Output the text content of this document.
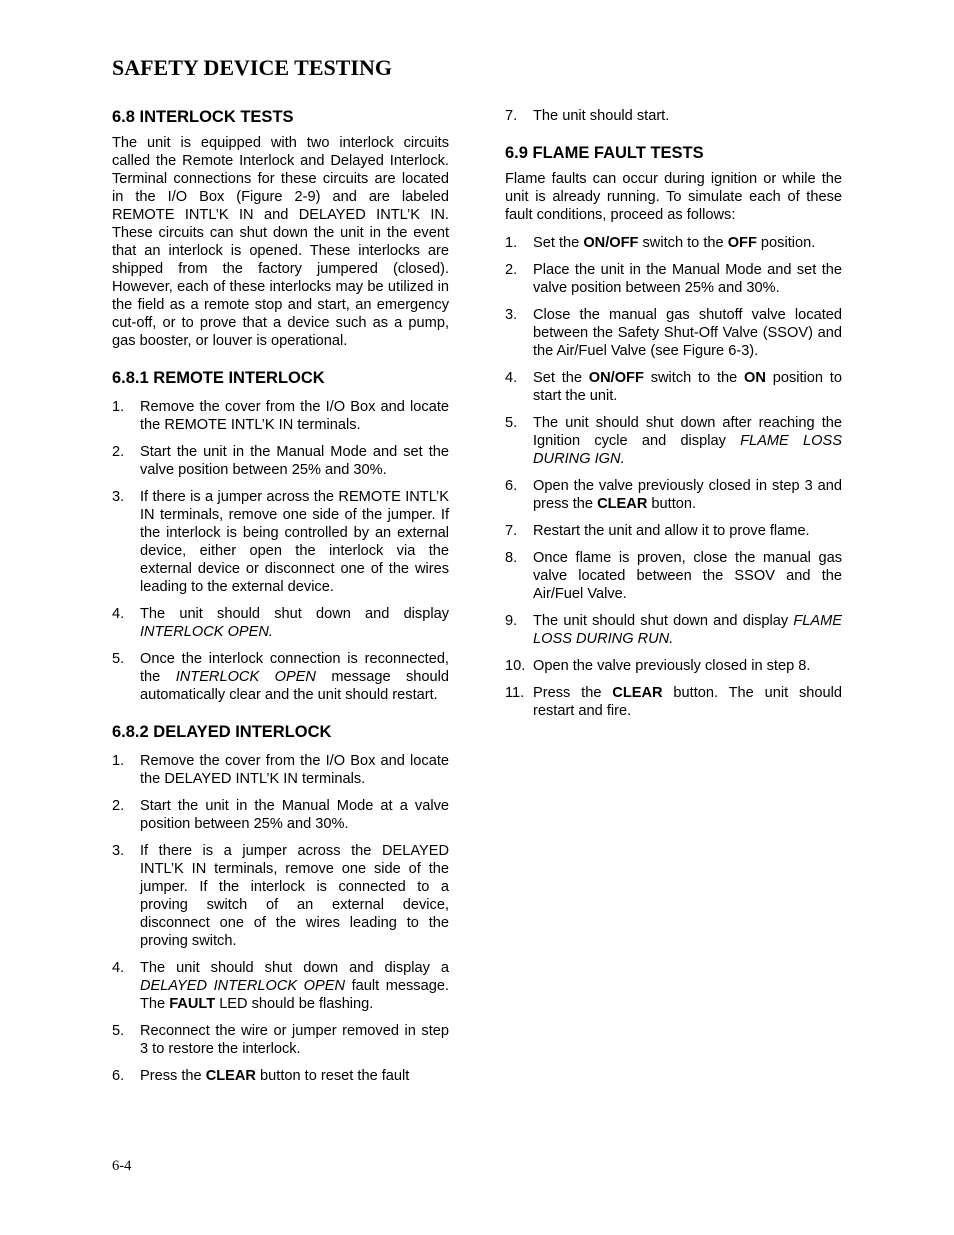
SAFETY DEVICE TESTING
6.8 INTERLOCK TESTS

The unit is equipped with two interlock circuits called the Remote Interlock and Delayed Interlock. Terminal connections for these circuits are located in the I/O Box (Figure 2-9) and are labeled REMOTE INTL’K IN and DELAYED INTL’K IN. These circuits can shut down the unit in the event that an interlock is opened. These interlocks are shipped from the factory jumpered (closed). However, each of these interlocks may be utilized in the field as a remote stop and start, an emergency cut-off, or to prove that a device such as a pump, gas booster, or louver is operational.

6.8.1 REMOTE INTERLOCK
1. Remove the cover from the I/O Box and locate the REMOTE INTL’K IN terminals.
2. Start the unit in the Manual Mode and set the valve position between 25% and 30%.
3. If there is a jumper across the REMOTE INTL’K IN terminals, remove one side of the jumper. If the interlock is being controlled by an external device, either open the interlock via the external device or disconnect one of the wires leading to the external device.
4. The unit should shut down and display INTERLOCK OPEN.
5. Once the interlock connection is reconnected, the INTERLOCK OPEN message should automatically clear and the unit should restart.
6.8.2 DELAYED INTERLOCK
1. Remove the cover from the I/O Box and locate the DELAYED INTL’K IN terminals.
2. Start the unit in the Manual Mode at a valve position between 25% and 30%.
3. If there is a jumper across the DELAYED INTL’K IN terminals, remove one side of the jumper. If the interlock is connected to a proving switch of an external device, disconnect one of the wires leading to the proving switch.
4. The unit should shut down and display a DELAYED INTERLOCK OPEN fault message. The FAULT LED should be flashing.
5. Reconnect the wire or jumper removed in step 3 to restore the interlock.
6. Press the CLEAR button to reset the fault
7. The unit should start.
6.9 FLAME FAULT TESTS

Flame faults can occur during ignition or while the unit is already running. To simulate each of these fault conditions, proceed as follows:

1. Set the ON/OFF switch to the OFF position.
2. Place the unit in the Manual Mode and set the valve position between 25% and 30%.
3. Close the manual gas shutoff valve located between the Safety Shut-Off Valve (SSOV) and the Air/Fuel Valve (see Figure 6-3).
4. Set the ON/OFF switch to the ON position to start the unit.
5. The unit should shut down after reaching the Ignition cycle and display FLAME LOSS DURING IGN.
6. Open the valve previously closed in step 3 and press the CLEAR button.
7. Restart the unit and allow it to prove flame.
8. Once flame is proven, close the manual gas valve located between the SSOV and the Air/Fuel Valve.
9. The unit should shut down and display FLAME LOSS DURING RUN.
10. Open the valve previously closed in step 8.
11. Press the CLEAR button. The unit should restart and fire.
6-4
